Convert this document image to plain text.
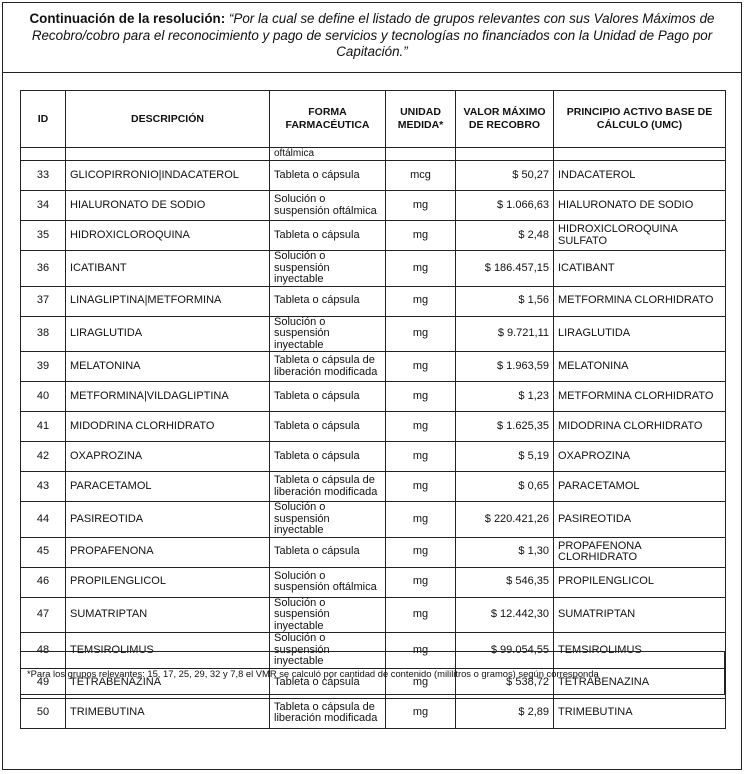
Continuación de la resolución: “Por la cual se define el listado de grupos relevantes con sus Valores Máximos de Recobro/cobro para el reconocimiento y pago de servicios y tecnologías no financiados con la Unidad de Pago por Capitación.”
ID	DESCRIPCIÓN	FORMA FARMACÉUTICA	UNIDAD MEDIDA*	VALOR MÁXIMO DE RECOBRO	PRINCIPIO ACTIVO BASE DE CÁLCULO (UMC)
		oftálmica			
33	GLICOPIRRONIO|INDACATEROL	Tableta o cápsula	mcg	$ 50,27	INDACATEROL
34	HIALURONATO DE SODIO	Solución o suspensión oftálmica	mg	$ 1.066,63	HIALURONATO DE SODIO
35	HIDROXICLOROQUINA	Tableta o cápsula	mg	$ 2,48	HIDROXICLOROQUINA SULFATO
36	ICATIBANT	Solución o suspensión inyectable	mg	$ 186.457,15	ICATIBANT
37	LINAGLIPTINA|METFORMINA	Tableta o cápsula	mg	$ 1,56	METFORMINA CLORHIDRATO
38	LIRAGLUTIDA	Solución o suspensión inyectable	mg	$ 9.721,11	LIRAGLUTIDA
39	MELATONINA	Tableta o cápsula de liberación modificada	mg	$ 1.963,59	MELATONINA
40	METFORMINA|VILDAGLIPTINA	Tableta o cápsula	mg	$ 1,23	METFORMINA CLORHIDRATO
41	MIDODRINA CLORHIDRATO	Tableta o cápsula	mg	$ 1.625,35	MIDODRINA CLORHIDRATO
42	OXAPROZINA	Tableta o cápsula	mg	$ 5,19	OXAPROZINA
43	PARACETAMOL	Tableta o cápsula de liberación modificada	mg	$ 0,65	PARACETAMOL
44	PASIREOTIDA	Solución o suspensión inyectable	mg	$ 220.421,26	PASIREOTIDA
45	PROPAFENONA	Tableta o cápsula	mg	$ 1,30	PROPAFENONA CLORHIDRATO
46	PROPILENGLICOL	Solución o suspensión oftálmica	mg	$ 546,35	PROPILENGLICOL
47	SUMATRIPTAN	Solución o suspensión inyectable	mg	$ 12.442,30	SUMATRIPTAN
48	TEMSIROLIMUS	Solución o suspensión inyectable	mg	$ 99.054,55	TEMSIROLIMUS
49	TETRABENAZINA	Tableta o cápsula	mg	$ 538,72	TETRABENAZINA
50	TRIMEBUTINA	Tableta o cápsula de liberación modificada	mg	$ 2,89	TRIMEBUTINA
*Para los grupos relevantes: 15, 17, 25, 29, 32 y 7,8 el VMR se calculó por cantidad de contenido (mililitros o gramos) según corresponda
